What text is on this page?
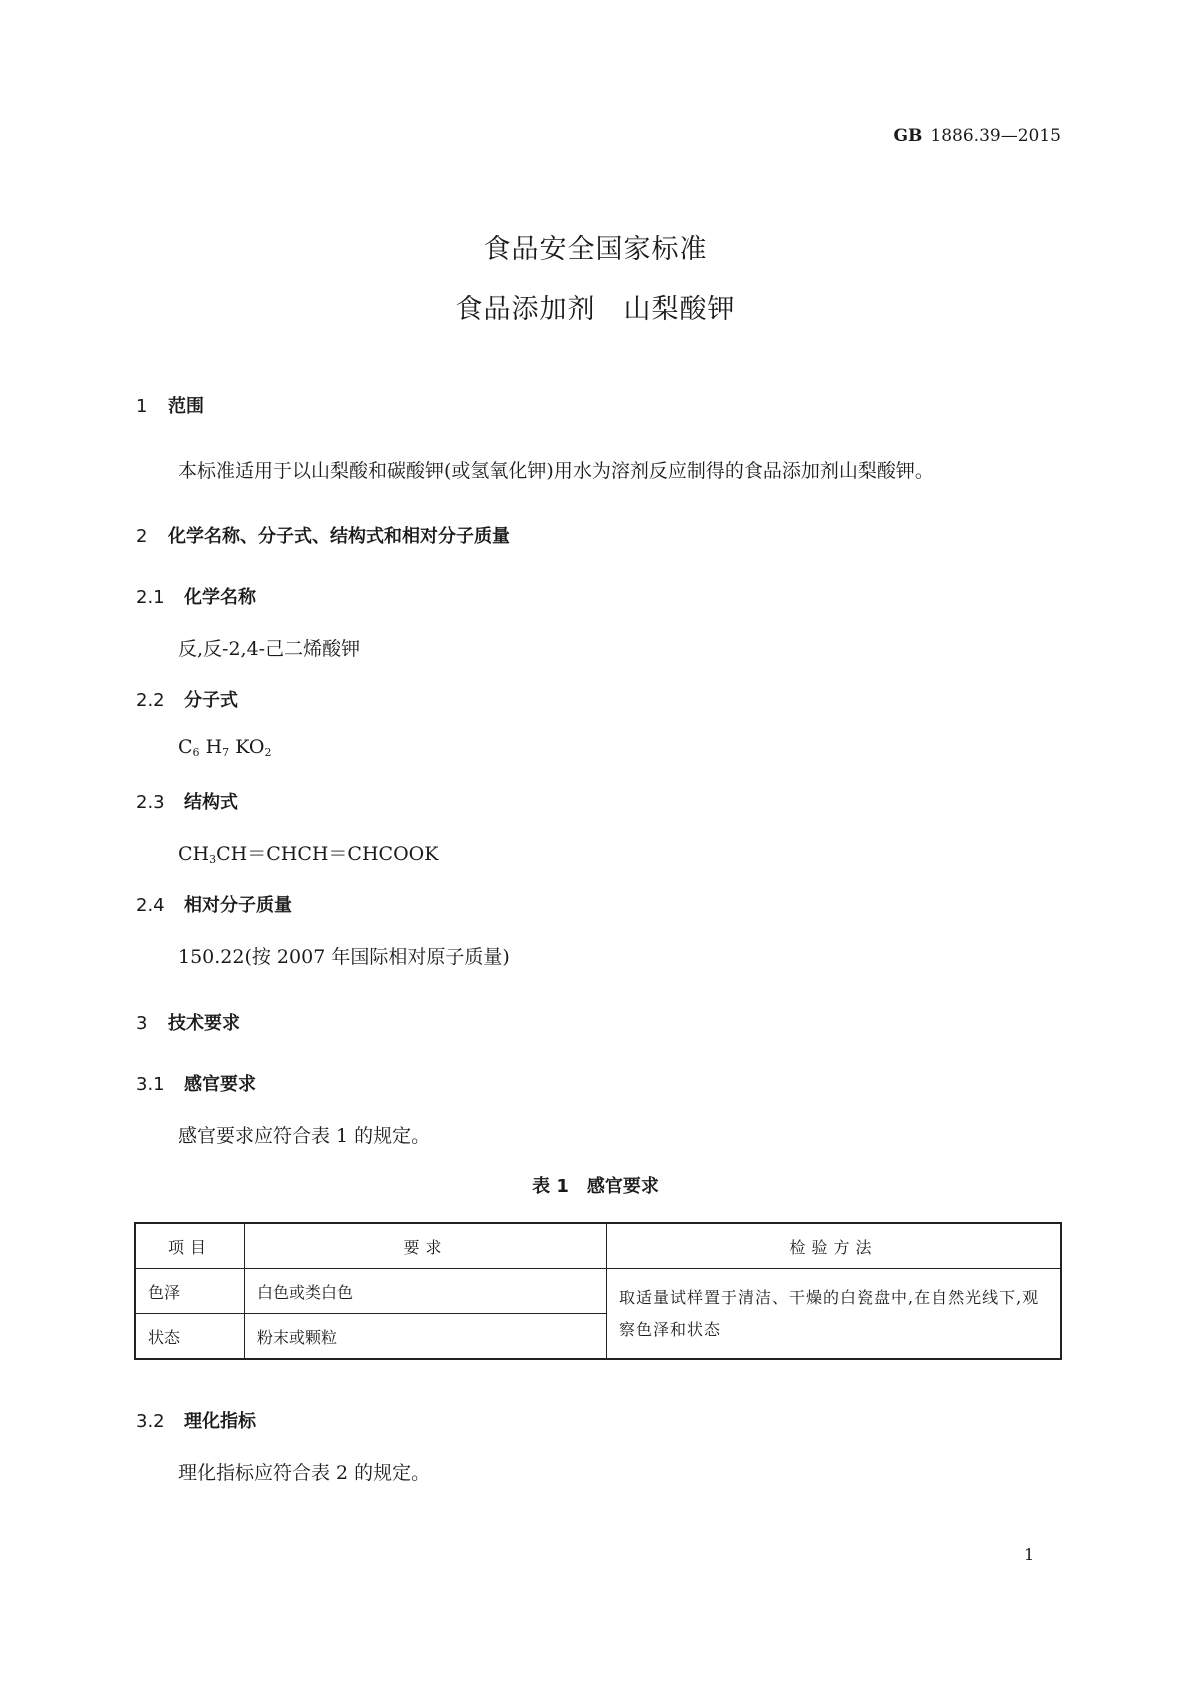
GB 1886.39—2015
食品安全国家标准
食品添加剂　山梨酸钾
1 范围
本标准适用于以山梨酸和碳酸钾(或氢氧化钾)用水为溶剂反应制得的食品添加剂山梨酸钾。
2 化学名称、分子式、结构式和相对分子质量
2.1 化学名称
反,反-2,4-己二烯酸钾
2.2 分子式
$C_6$ $H_7$ $KO_2$
2.3 结构式
$CH_3CH=CHCH=CHCOOK$
2.4 相对分子质量
150.22(按 2007 年国际相对原子质量)
3 技术要求
3.1 感官要求
感官要求应符合表 1 的规定。
表 1　感官要求
项目	要求	检验方法
色泽	白色或类白色	取适量试样置于清洁、干燥的白瓷盘中,在自然光线下,观察色泽和状态
状态	粉末或颗粒	
3.2 理化指标
理化指标应符合表 2 的规定。
1
